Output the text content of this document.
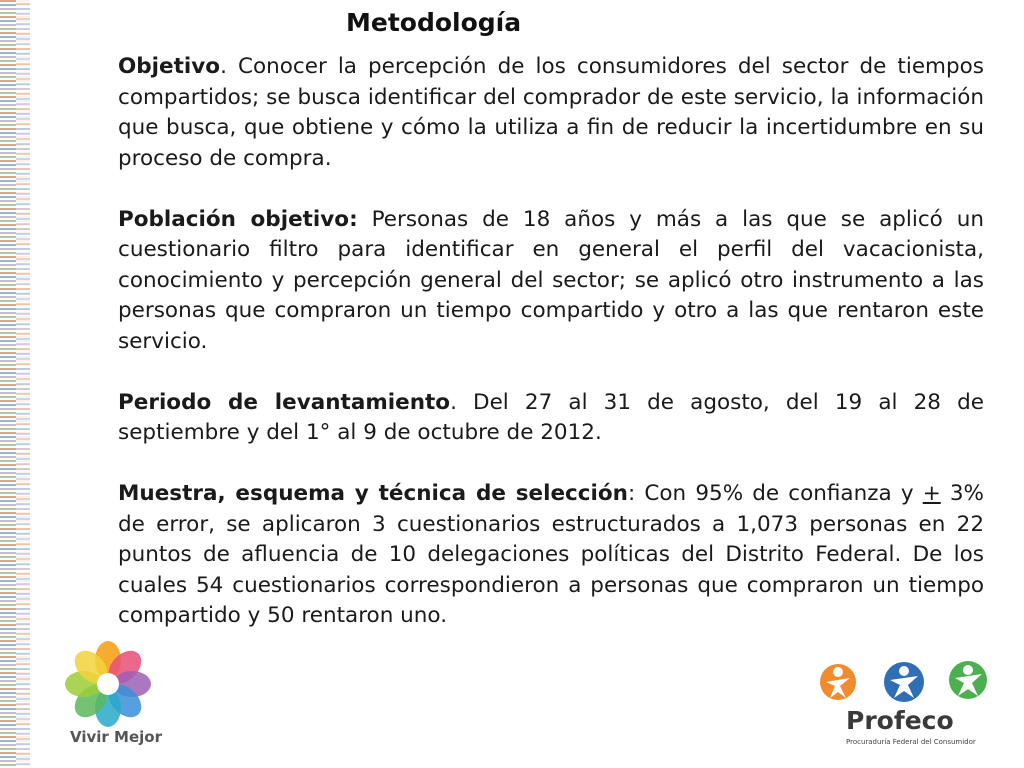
Metodología

Objetivo. Conocer la percepción de los consumidores del sector de tiempos compartidos; se busca identificar del comprador de este servicio, la información que busca, que obtiene y cómo la utiliza a fin de reducir la incertidumbre en su proceso de compra.

Población objetivo: Personas de 18 años y más a las que se aplicó un cuestionario filtro para identificar en general el perfil del vacacionista, conocimiento y percepción general del sector; se aplicó otro instrumento a las personas que compraron un tiempo compartido y otro a las que rentaron este servicio.

Periodo de levantamiento. Del 27 al 31 de agosto, del 19 al 28 de septiembre y del 1° al 9 de octubre de 2012.

Muestra, esquema y técnica de selección: Con 95% de confianza y + 3% de error, se aplicaron 3 cuestionarios estructurados a 1,073 personas en 22 puntos de afluencia de 10 delegaciones políticas del Distrito Federal. De los cuales 54 cuestionarios correspondieron a personas que compraron un tiempo compartido y 50 rentaron uno.

Vivir Mejor
Profeco
Procuraduría Federal del Consumidor
